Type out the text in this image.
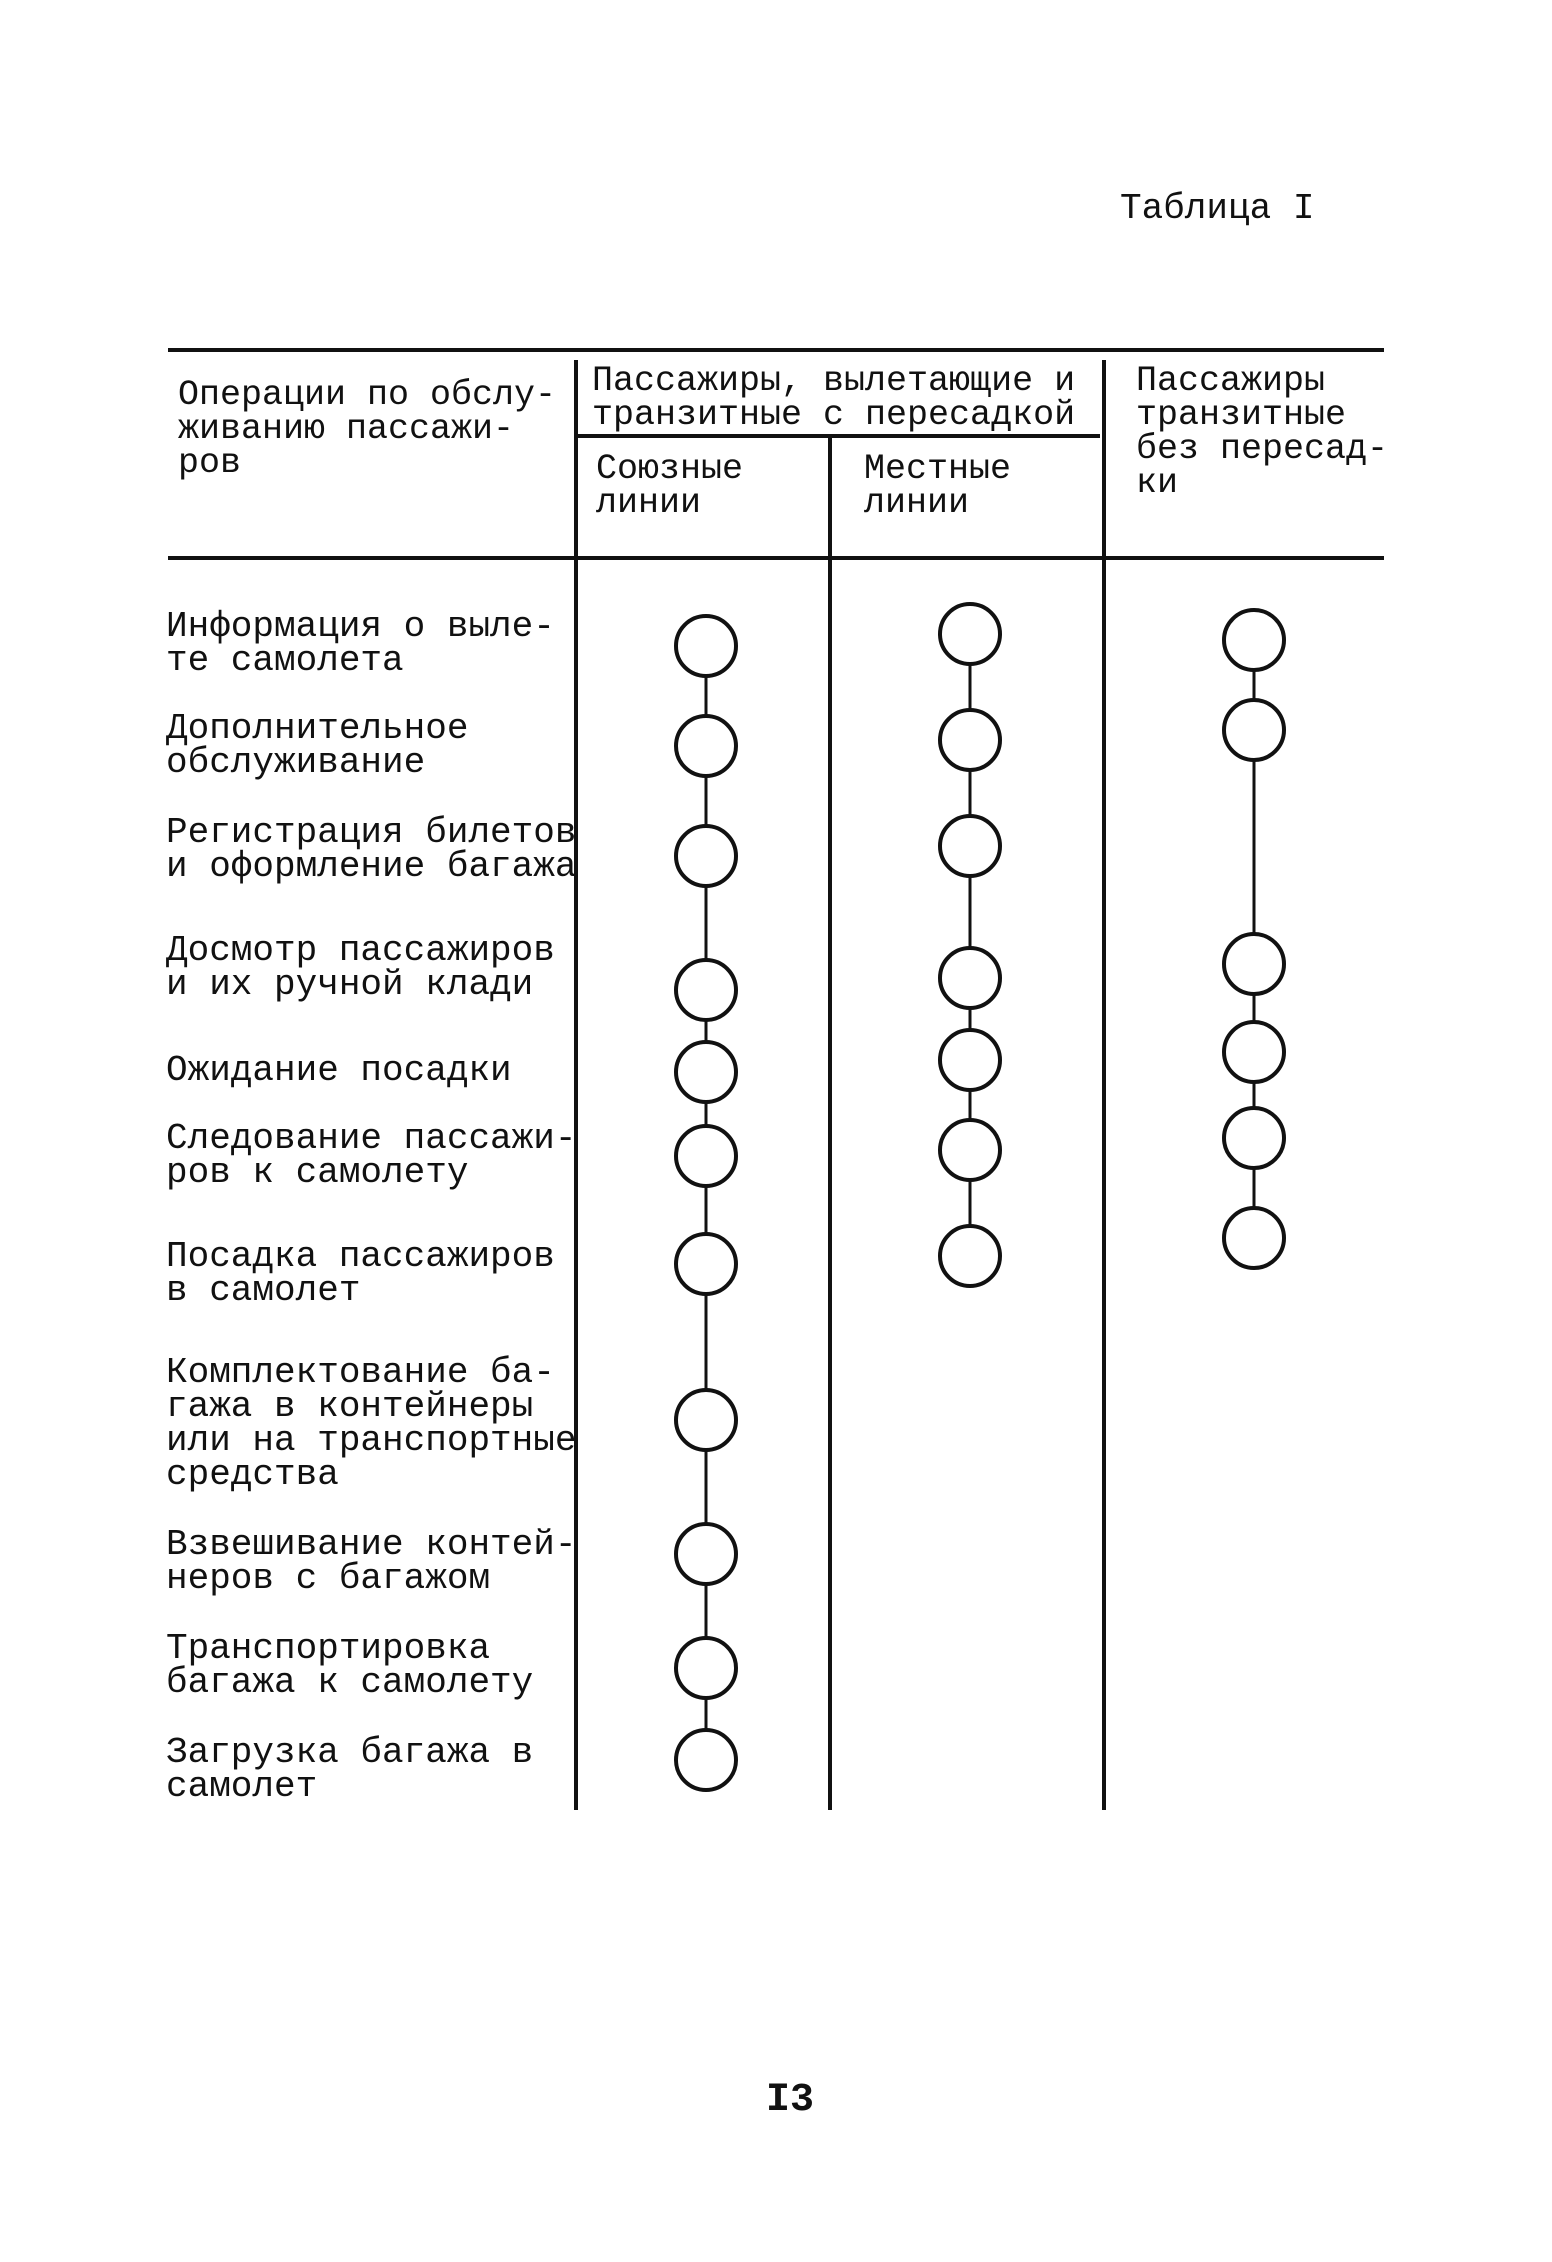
Таблица I
Операции по обслу-
живанию пассажи-
ров
Пассажиры, вылетающие и
транзитные с пересадкой
Союзные
линии
Местные
линии
Пассажиры
транзитные
без пересад-
ки
Информация о выле-
те самолета
Дополнительное
обслуживание
Регистрация билетов
и оформление багажа
Досмотр пассажиров
и их ручной клади
Ожидание посадки
Следование пассажи-
ров к самолету
Посадка пассажиров
в самолет
Комплектование ба-
гажа в контейнеры
или на транспортные
средства
Взвешивание контей-
неров с багажом
Транспортировка
багажа к самолету
Загрузка багажа в
самолет
I3
